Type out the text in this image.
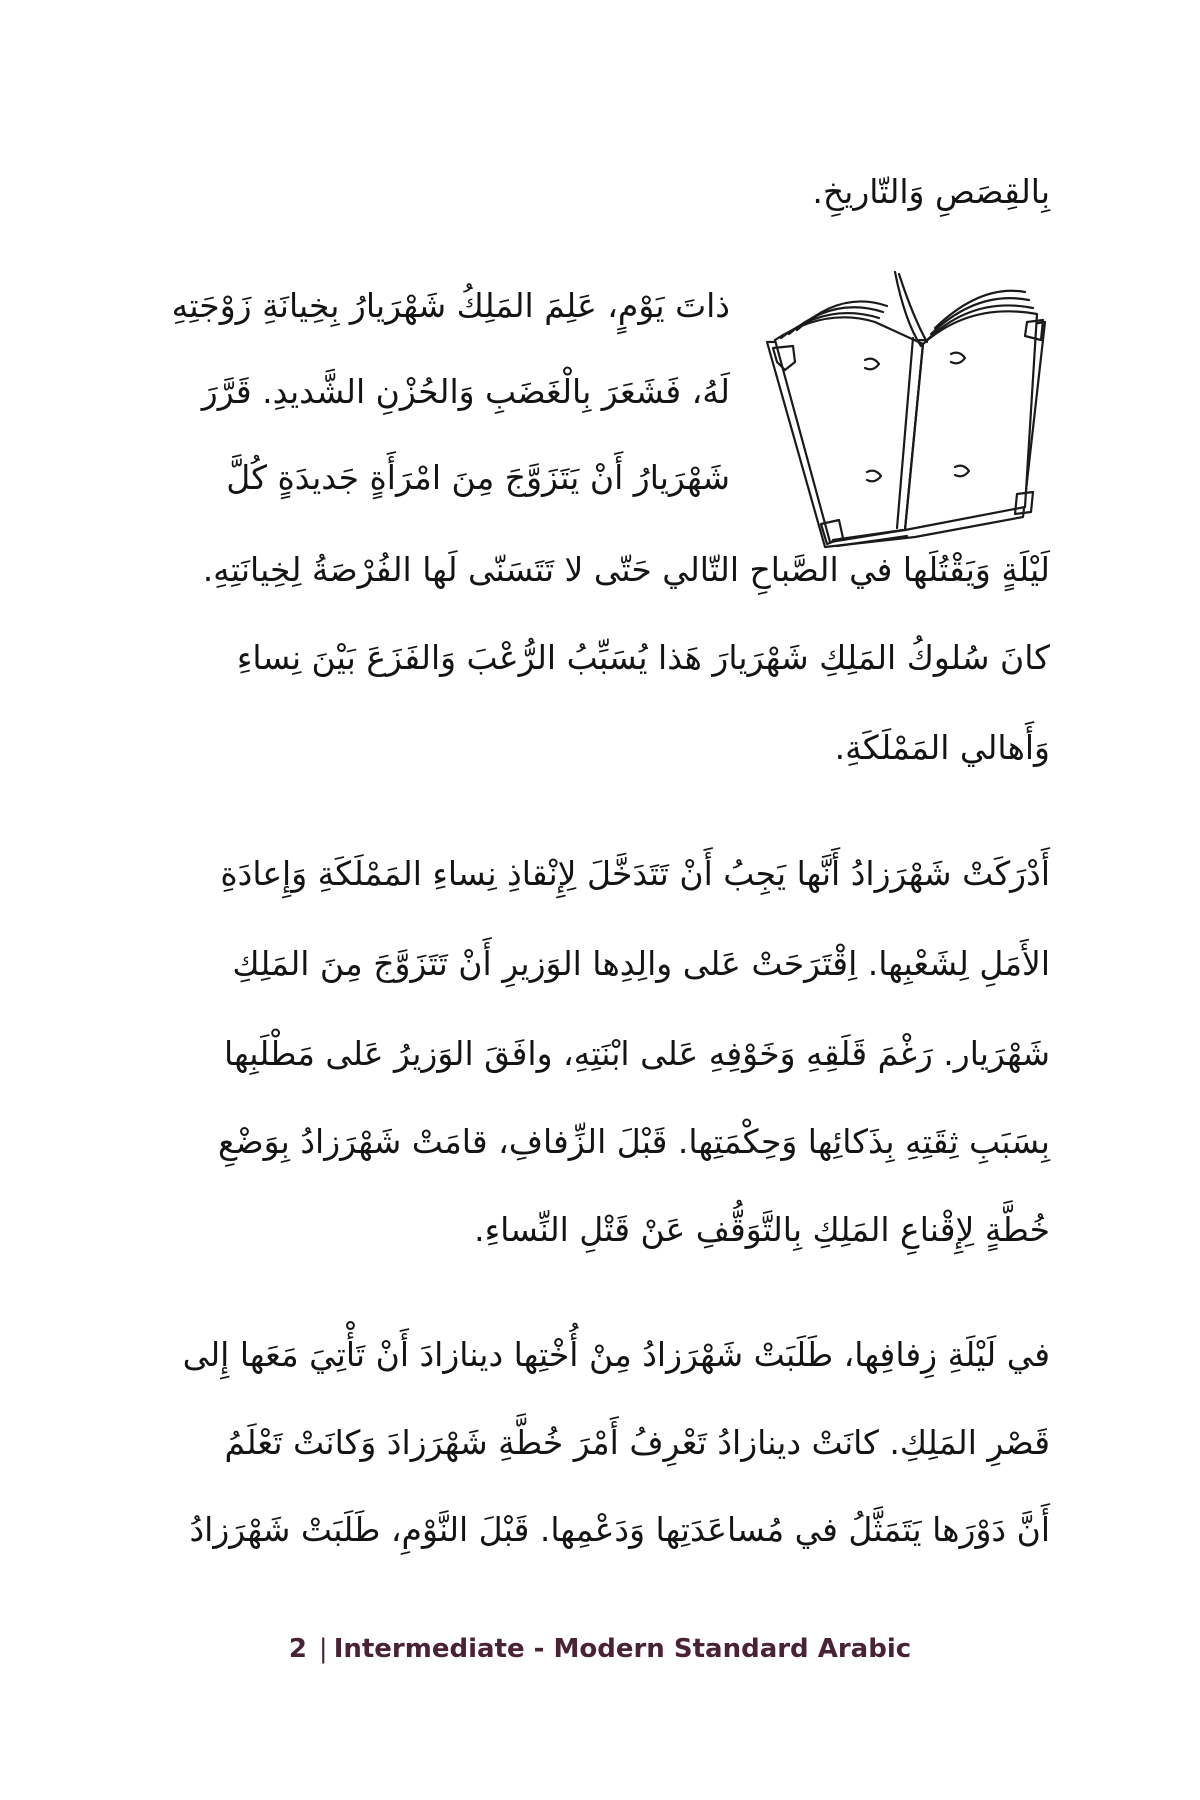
بِالقِصَصِ وَالتّاريخِ.
ذاتَ يَوْمٍ، عَلِمَ المَلِكُ شَهْرَيارُ بِخِيانَةِ زَوْجَتِهِ
لَهُ، فَشَعَرَ بِالْغَضَبِ وَالحُزْنِ الشَّديدِ. قَرَّرَ
شَهْرَيارُ أَنْ يَتَزَوَّجَ مِنَ امْرَأَةٍ جَديدَةٍ كُلَّ
لَيْلَةٍ وَيَقْتُلَها في الصَّباحِ التّالي حَتّى لا تَتَسَنّى لَها الفُرْصَةُ لِخِيانَتِهِ.
كانَ سُلوكُ المَلِكِ شَهْرَيارَ هَذا يُسَبِّبُ الرُّعْبَ وَالفَزَعَ بَيْنَ نِساءِ
وَأَهالي المَمْلَكَةِ.
أَدْرَكَتْ شَهْرَزادُ أَنَّها يَجِبُ أَنْ تَتَدَخَّلَ لِإِنْقاذِ نِساءِ المَمْلَكَةِ وَإِعادَةِ
الأَمَلِ لِشَعْبِها. اِقْتَرَحَتْ عَلى والِدِها الوَزيرِ أَنْ تَتَزَوَّجَ مِنَ المَلِكِ
شَهْرَيار. رَغْمَ قَلَقِهِ وَخَوْفِهِ عَلى ابْنَتِهِ، وافَقَ الوَزيرُ عَلى مَطْلَبِها
بِسَبَبِ ثِقَتِهِ بِذَكائِها وَحِكْمَتِها. قَبْلَ الزِّفافِ، قامَتْ شَهْرَزادُ بِوَضْعِ
خُطَّةٍ لِإِقْناعِ المَلِكِ بِالتَّوَقُّفِ عَنْ قَتْلِ النِّساءِ.
في لَيْلَةِ زِفافِها، طَلَبَتْ شَهْرَزادُ مِنْ أُخْتِها دينازادَ أَنْ تَأْتِيَ مَعَها إِلى
قَصْرِ المَلِكِ. كانَتْ دينازادُ تَعْرِفُ أَمْرَ خُطَّةِ شَهْرَزادَ وَكانَتْ تَعْلَمُ
أَنَّ دَوْرَها يَتَمَثَّلُ في مُساعَدَتِها وَدَعْمِها. قَبْلَ النَّوْمِ، طَلَبَتْ شَهْرَزادُ
2 | Intermediate - Modern Standard Arabic
